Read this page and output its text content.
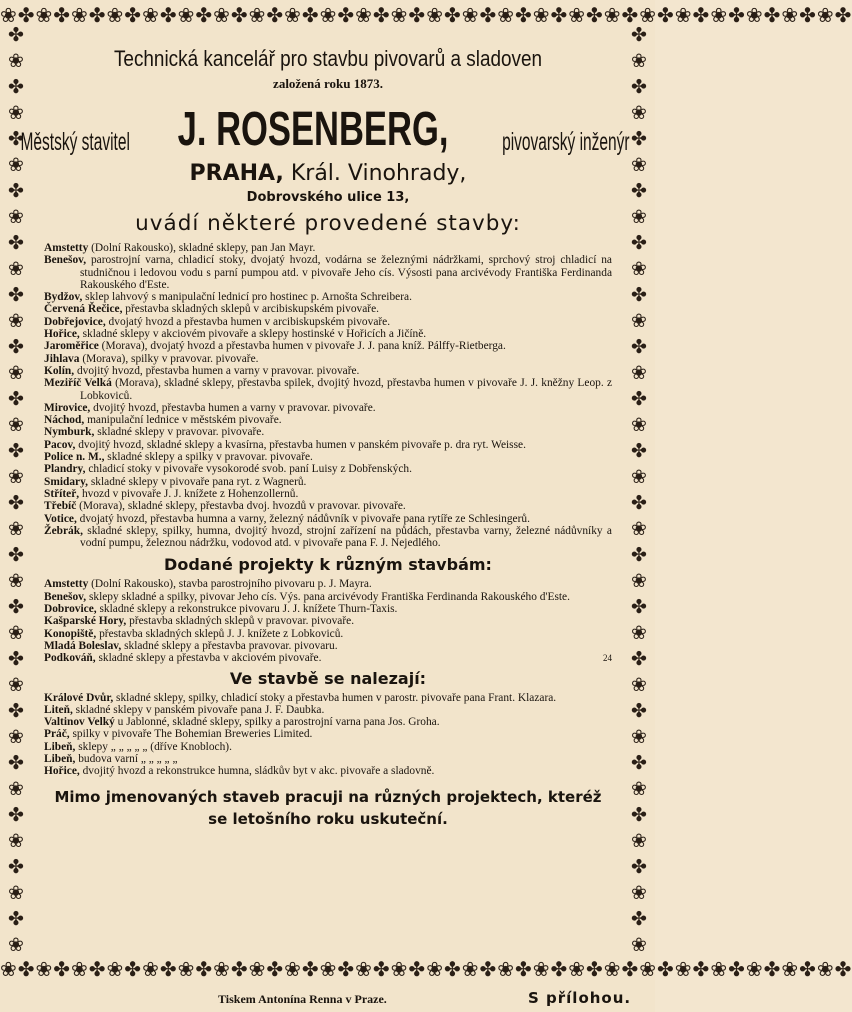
❀✤❀✤❀✤❀✤❀✤❀✤❀✤❀✤❀✤❀✤❀✤❀✤❀✤❀✤❀✤❀✤❀✤❀✤❀✤❀✤❀✤❀✤❀✤❀✤
✤
❀
✤
❀
✤
❀
✤
❀
✤
❀
✤
❀
✤
❀
✤
❀
✤
❀
✤
❀
✤
❀
✤
❀
✤
❀
✤
❀
✤
❀
✤
❀
✤
❀
✤
❀
✤
❀
✤
❀
✤
❀
✤
❀
✤
❀
✤
❀
✤
❀
✤
❀
✤
❀
✤
❀
✤
❀
✤
❀
✤
❀
✤
❀
✤
❀
✤
❀
✤
❀
✤
❀
❀✤❀✤❀✤❀✤❀✤❀✤❀✤❀✤❀✤❀✤❀✤❀✤❀✤❀✤❀✤❀✤❀✤❀✤❀✤❀✤❀✤❀✤❀✤❀✤
Technická kancelář pro stavbu pivovarů a sladoven
založená roku 1873.
Městský stavitel J. ROSENBERG, pivovarský inženýr
PRAHA, Král. Vinohrady,
Dobrovského ulice 13,
uvádí některé provedené stavby:
Amstetty (Dolní Rakousko), skladné sklepy, pan Jan Mayr.
Benešov, parostrojní varna, chladicí stoky, dvojatý hvozd, vodárna se železnými nádržkami, sprchový stroj chladicí na studničnou i ledovou vodu s parní pumpou atd. v pivovaře Jeho cís. Výsosti pana arcivévody Františka Ferdinanda Rakouského d'Este.
Bydžov, sklep lahvový s manipulační lednicí pro hostinec p. Arnošta Schreibera.
Červená Řečice, přestavba skladných sklepů v arcibiskupském pivovaře.
Dobřejovice, dvojatý hvozd a přestavba humen v arcibiskupském pivovaře.
Hořice, skladné sklepy v akciovém pivovaře a sklepy hostinské v Hořicích a Jičíně.
Jaroměřice (Morava), dvojatý hvozd a přestavba humen v pivovaře J. J. pana kníž. Pálffy-Rietberga.
Jihlava (Morava), spilky v pravovar. pivovaře.
Kolín, dvojitý hvozd, přestavba humen a varny v pravovar. pivovaře.
Meziříč Velká (Morava), skladné sklepy, přestavba spilek, dvojitý hvozd, přestavba humen v pivovaře J. J. kněžny Leop. z Lobkoviců.
Mirovice, dvojitý hvozd, přestavba humen a varny v pravovar. pivovaře.
Náchod, manipulační lednice v městském pivovaře.
Nymburk, skladné sklepy v pravovar. pivovaře.
Pacov, dvojitý hvozd, skladné sklepy a kvasírna, přestavba humen v panském pivovaře p. dra ryt. Weisse.
Police n. M., skladné sklepy a spilky v pravovar. pivovaře.
Plandry, chladicí stoky v pivovaře vysokorodé svob. paní Luisy z Dobřenských.
Smidary, skladné sklepy v pivovaře pana ryt. z Wagnerů.
Stříteř, hvozd v pivovaře J. J. knížete z Hohenzollernů.
Třebíč (Morava), skladné sklepy, přestavba dvoj. hvozdů v pravovar. pivovaře.
Votice, dvojatý hvozd, přestavba humna a varny, železný nádůvník v pivovaře pana rytíře ze Schlesingerů.
Žebrák, skladné sklepy, spilky, humna, dvojitý hvozd, strojní zařízení na půdách, přestavba varny, železné nádůvníky a vodní pumpu, železnou nádržku, vodovod atd. v pivovaře pana F. J. Nejedlého.
Dodané projekty k různým stavbám:
Amstetty (Dolní Rakousko), stavba parostrojního pivovaru p. J. Mayra.
Benešov, sklepy skladné a spilky, pivovar Jeho cís. Výs. pana arcivévody Františka Ferdinanda Rakouského d'Este.
Dobrovice, skladné sklepy a rekonstrukce pivovaru J. J. knížete Thurn-Taxis.
Kašparské Hory, přestavba skladných sklepů v pravovar. pivovaře.
Konopiště, přestavba skladných sklepů J. J. knížete z Lobkoviců.
Mladá Boleslav, skladné sklepy a přestavba pravovar. pivovaru.
Podkováň, skladné sklepy a přestavba v akciovém pivovaře.	24
Ve stavbě se nalezají:
Králové Dvůr, skladné sklepy, spilky, chladicí stoky a přestavba humen v parostr. pivovaře pana Frant. Klazara.
Liteň, skladné sklepy v panském pivovaře pana J. F. Daubka.
Valtinov Velký u Jablonné, skladné sklepy, spilky a parostrojní varna pana Jos. Groha.
Práč, spilky v pivovaře The Bohemian Breweries Limited.
Libeň, sklepy „ „ „ „ „ (dříve Knobloch).
Libeň, budova varní „ „ „ „ „
Hořice, dvojitý hvozd a rekonstrukce humna, sládkův byt v akc. pivovaře a sladovně.
Mimo jmenovaných staveb pracuji na různých projektech, kteréž se letošního roku uskuteční.
Tiskem Antonína Renna v Praze.	S přílohou.
